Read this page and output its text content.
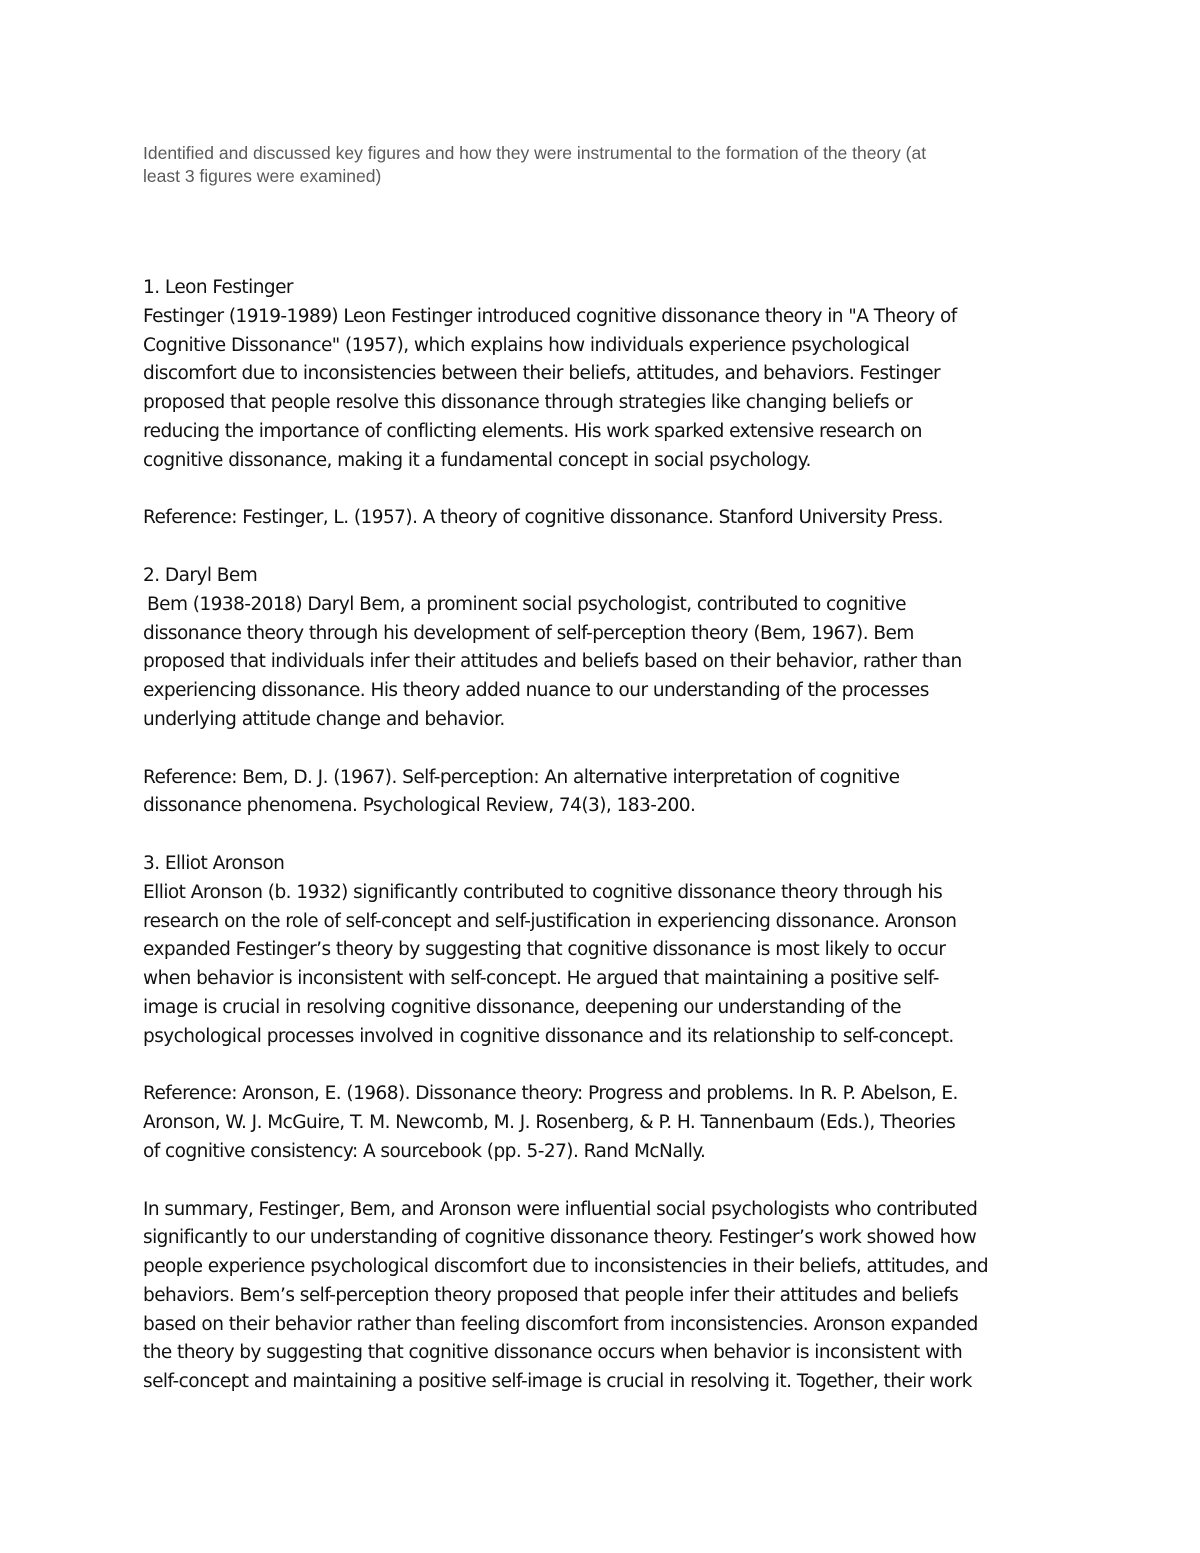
Identified and discussed key figures and how they were instrumental to the formation of the theory (at

least 3 figures were examined)

1. Leon Festinger

Festinger (1919-1989) Leon Festinger introduced cognitive dissonance theory in "A Theory of

Cognitive Dissonance" (1957), which explains how individuals experience psychological

discomfort due to inconsistencies between their beliefs, attitudes, and behaviors. Festinger

proposed that people resolve this dissonance through strategies like changing beliefs or

reducing the importance of conflicting elements. His work sparked extensive research on

cognitive dissonance, making it a fundamental concept in social psychology.

Reference: Festinger, L. (1957). A theory of cognitive dissonance. Stanford University Press.

2. Daryl Bem

Bem (1938-2018) Daryl Bem, a prominent social psychologist, contributed to cognitive

dissonance theory through his development of self-perception theory (Bem, 1967). Bem

proposed that individuals infer their attitudes and beliefs based on their behavior, rather than

experiencing dissonance. His theory added nuance to our understanding of the processes

underlying attitude change and behavior.

Reference: Bem, D. J. (1967). Self-perception: An alternative interpretation of cognitive

dissonance phenomena. Psychological Review, 74(3), 183-200.

3. Elliot Aronson

Elliot Aronson (b. 1932) significantly contributed to cognitive dissonance theory through his

research on the role of self-concept and self-justification in experiencing dissonance. Aronson

expanded Festinger’s theory by suggesting that cognitive dissonance is most likely to occur

when behavior is inconsistent with self-concept. He argued that maintaining a positive self-

image is crucial in resolving cognitive dissonance, deepening our understanding of the

psychological processes involved in cognitive dissonance and its relationship to self-concept.

Reference: Aronson, E. (1968). Dissonance theory: Progress and problems. In R. P. Abelson, E.

Aronson, W. J. McGuire, T. M. Newcomb, M. J. Rosenberg, & P. H. Tannenbaum (Eds.), Theories

of cognitive consistency: A sourcebook (pp. 5-27). Rand McNally.

In summary, Festinger, Bem, and Aronson were influential social psychologists who contributed

significantly to our understanding of cognitive dissonance theory. Festinger’s work showed how

people experience psychological discomfort due to inconsistencies in their beliefs, attitudes, and

behaviors. Bem’s self-perception theory proposed that people infer their attitudes and beliefs

based on their behavior rather than feeling discomfort from inconsistencies. Aronson expanded

the theory by suggesting that cognitive dissonance occurs when behavior is inconsistent with

self-concept and maintaining a positive self-image is crucial in resolving it. Together, their work
